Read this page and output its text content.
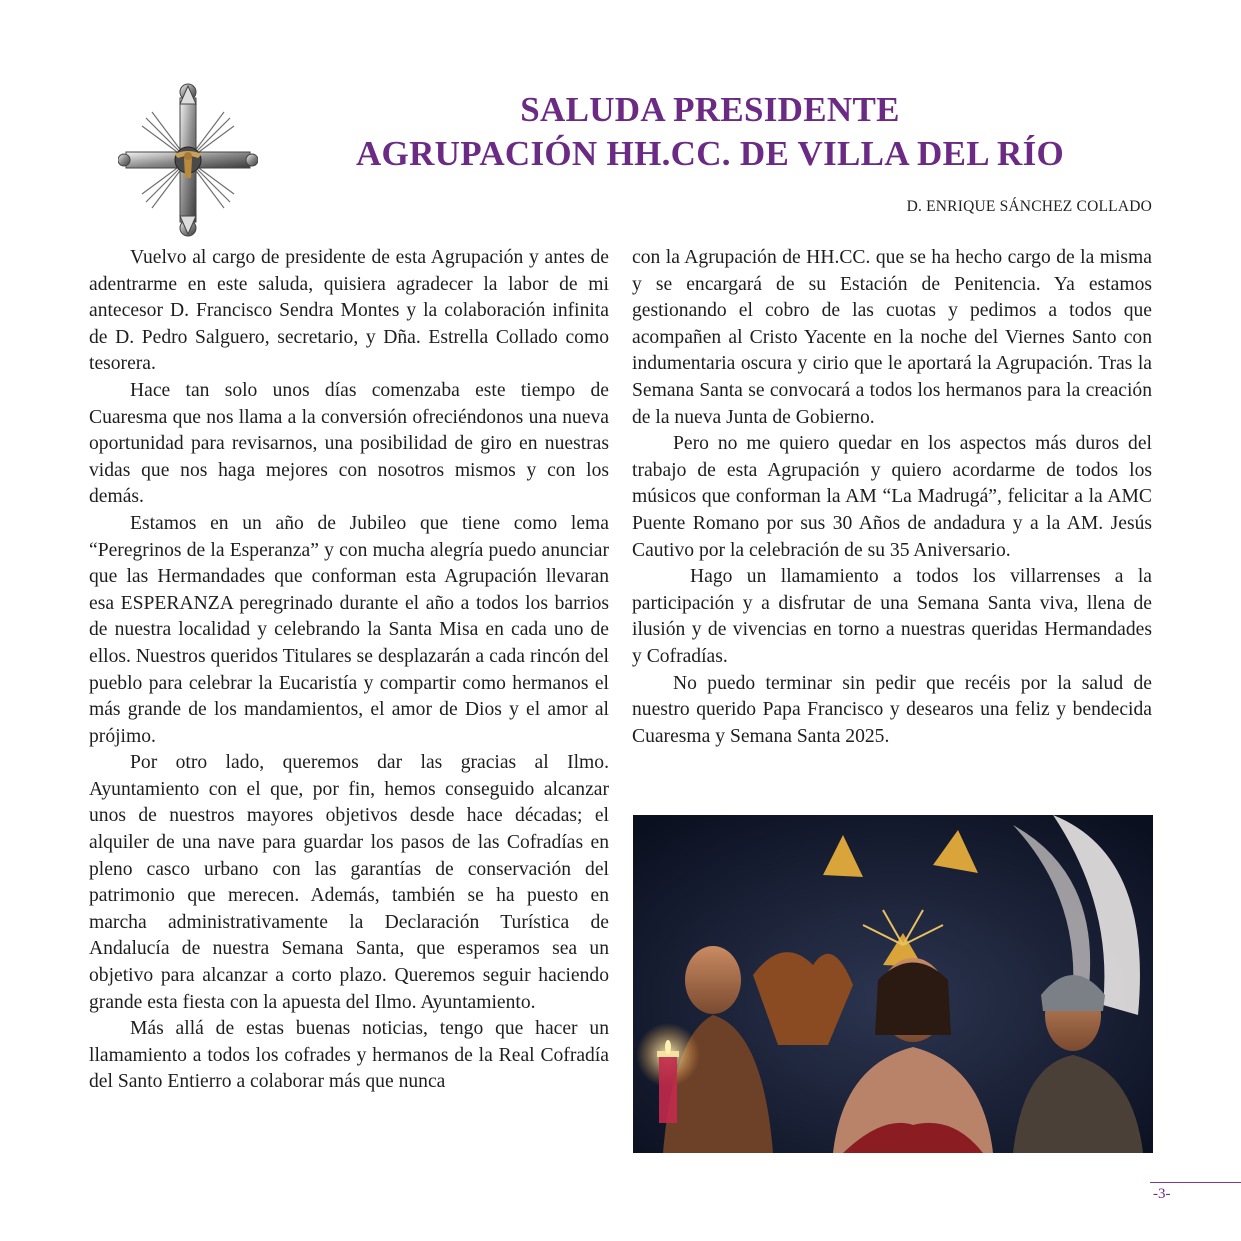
SALUDA PRESIDENTE
AGRUPACIÓN HH.CC. DE VILLA DEL RÍO
D. ENRIQUE SÁNCHEZ COLLADO

Vuelvo al cargo de presidente de esta Agrupación y antes de adentrarme en este saluda, quisiera agradecer la labor de mi antecesor D. Francisco Sendra Montes y la colaboración infinita de D. Pedro Salguero, secretario, y Dña. Estrella Collado como tesorera.

Hace tan solo unos días comenzaba este tiempo de Cuaresma que nos llama a la conversión ofreciéndonos una nueva oportunidad para revisarnos, una posibilidad de giro en nuestras vidas que nos haga mejores con nosotros mismos y con los demás.

Estamos en un año de Jubileo que tiene como lema “Peregrinos de la Esperanza” y con mucha alegría puedo anunciar que las Hermandades que conforman esta Agrupación llevaran esa ESPERANZA peregrinado durante el año a todos los barrios de nuestra localidad y celebrando la Santa Misa en cada uno de ellos. Nuestros queridos Titulares se desplazarán a cada rincón del pueblo para celebrar la Eucaristía y compartir como hermanos el más grande de los mandamientos, el amor de Dios y el amor al prójimo.

Por otro lado, queremos dar las gracias al Ilmo. Ayuntamiento con el que, por fin, hemos conseguido alcanzar unos de nuestros mayores objetivos desde hace décadas; el alquiler de una nave para guardar los pasos de las Cofradías en pleno casco urbano con las garantías de conservación del patrimonio que merecen. Además, también se ha puesto en marcha administrativamente la Declaración Turística de Andalucía de nuestra Semana Santa, que esperamos sea un objetivo para alcanzar a corto plazo. Queremos seguir haciendo grande esta fiesta con la apuesta del Ilmo. Ayuntamiento.

Más allá de estas buenas noticias, tengo que hacer un llamamiento a todos los cofrades y hermanos de la Real Cofradía del Santo Entierro a colaborar más que nunca

con la Agrupación de HH.CC. que se ha hecho cargo de la misma y se encargará de su Estación de Penitencia. Ya estamos gestionando el cobro de las cuotas y pedimos a todos que acompañen al Cristo Yacente en la noche del Viernes Santo con indumentaria oscura y cirio que le aportará la Agrupación. Tras la Semana Santa se convocará a todos los hermanos para la creación de la nueva Junta de Gobierno.

Pero no me quiero quedar en los aspectos más duros del trabajo de esta Agrupación y quiero acordarme de todos los músicos que conforman la AM “La Madrugá”, felicitar a la AMC Puente Romano por sus 30 Años de andadura y a la AM. Jesús Cautivo por la celebración de su 35 Aniversario.

Hago un llamamiento a todos los villarrenses a la participación y a disfrutar de una Semana Santa viva, llena de ilusión y de vivencias en torno a nuestras queridas Hermandades y Cofradías.

No puedo terminar sin pedir que recéis por la salud de nuestro querido Papa Francisco y desearos una feliz y bendecida Cuaresma y Semana Santa 2025.

-3-
